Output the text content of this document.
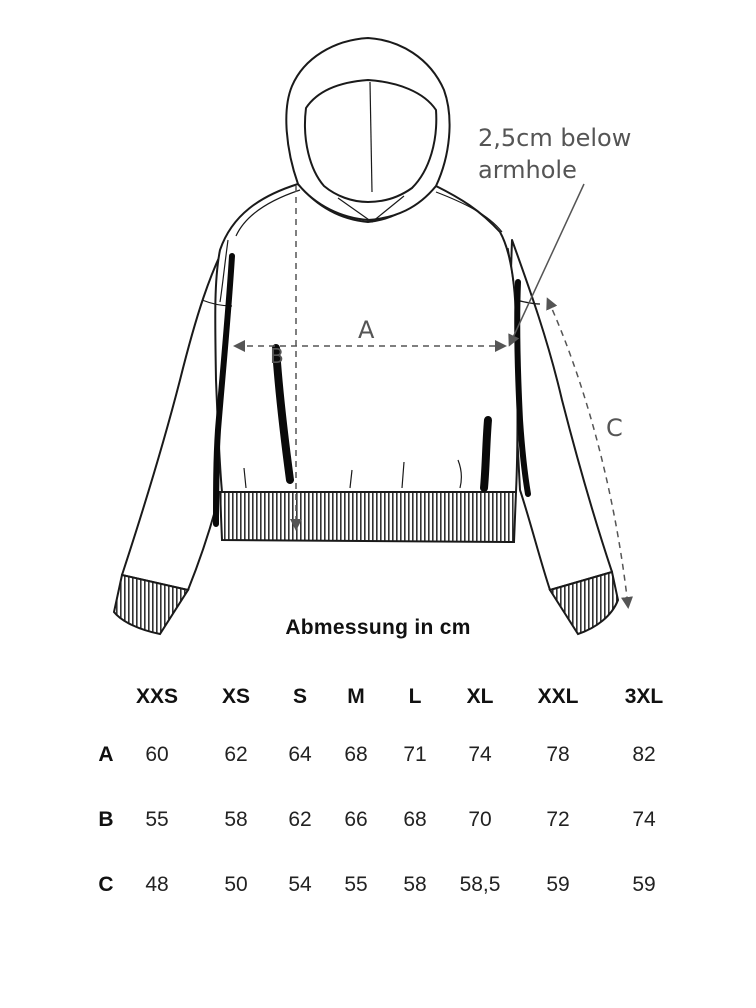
A
B
C
2,5cm below
armhole
Abmessung in cm
XXS XS S M L XL XXL 3XL
A 60	62 64 68 71 74	78	82
B 55	58 62 66 68 70	72	74
C 48	50 54 55 58 58,5 59	59
